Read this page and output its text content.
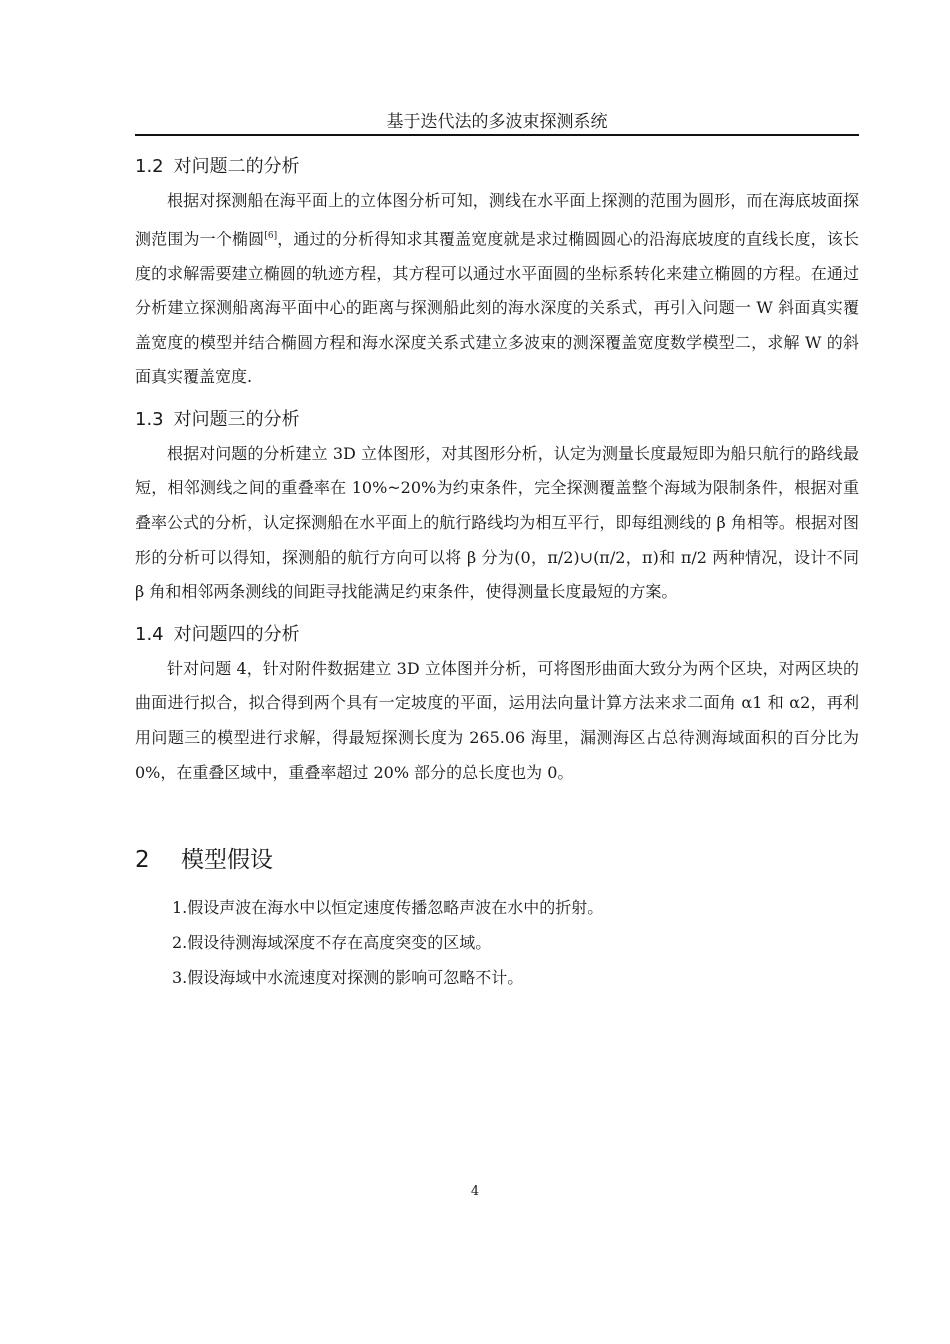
基于迭代法的多波束探测系统
1.2 对问题二的分析

根据对探测船在海平面上的立体图分析可知，测线在水平面上探测的范围为圆形，而在海底坡面探测范围为一个椭圆[6]，通过的分析得知求其覆盖宽度就是求过椭圆圆心的沿海底坡度的直线长度，该长度的求解需要建立椭圆的轨迹方程，其方程可以通过水平面圆的坐标系转化来建立椭圆的方程。在通过分析建立探测船离海平面中心的距离与探测船此刻的海水深度的关系式，再引入问题一 W 斜面真实覆盖宽度的模型并结合椭圆方程和海水深度关系式建立多波束的测深覆盖宽度数学模型二，求解 W 的斜面真实覆盖宽度.

1.3 对问题三的分析

根据对问题的分析建立 3D 立体图形，对其图形分析，认定为测量长度最短即为船只航行的路线最短，相邻测线之间的重叠率在 10%~20%为约束条件，完全探测覆盖整个海域为限制条件，根据对重叠率公式的分析，认定探测船在水平面上的航行路线均为相互平行，即每组测线的 β 角相等。根据对图形的分析可以得知，探测船的航行方向可以将 β 分为(0，π/2)∪(π/2，π)和 π/2 两种情况，设计不同 β 角和相邻两条测线的间距寻找能满足约束条件，使得测量长度最短的方案。

1.4 对问题四的分析

针对问题 4，针对附件数据建立 3D 立体图并分析，可将图形曲面大致分为两个区块，对两区块的曲面进行拟合，拟合得到两个具有一定坡度的平面，运用法向量计算方法来求二面角 α1 和 α2，再利用问题三的模型进行求解，得最短探测长度为 265.06 海里，漏测海区占总待测海域面积的百分比为 0%，在重叠区域中，重叠率超过 20% 部分的总长度也为 0。

2 模型假设

1.假设声波在海水中以恒定速度传播忽略声波在水中的折射。

2.假设待测海域深度不存在高度突变的区域。

3.假设海域中水流速度对探测的影响可忽略不计。

4
